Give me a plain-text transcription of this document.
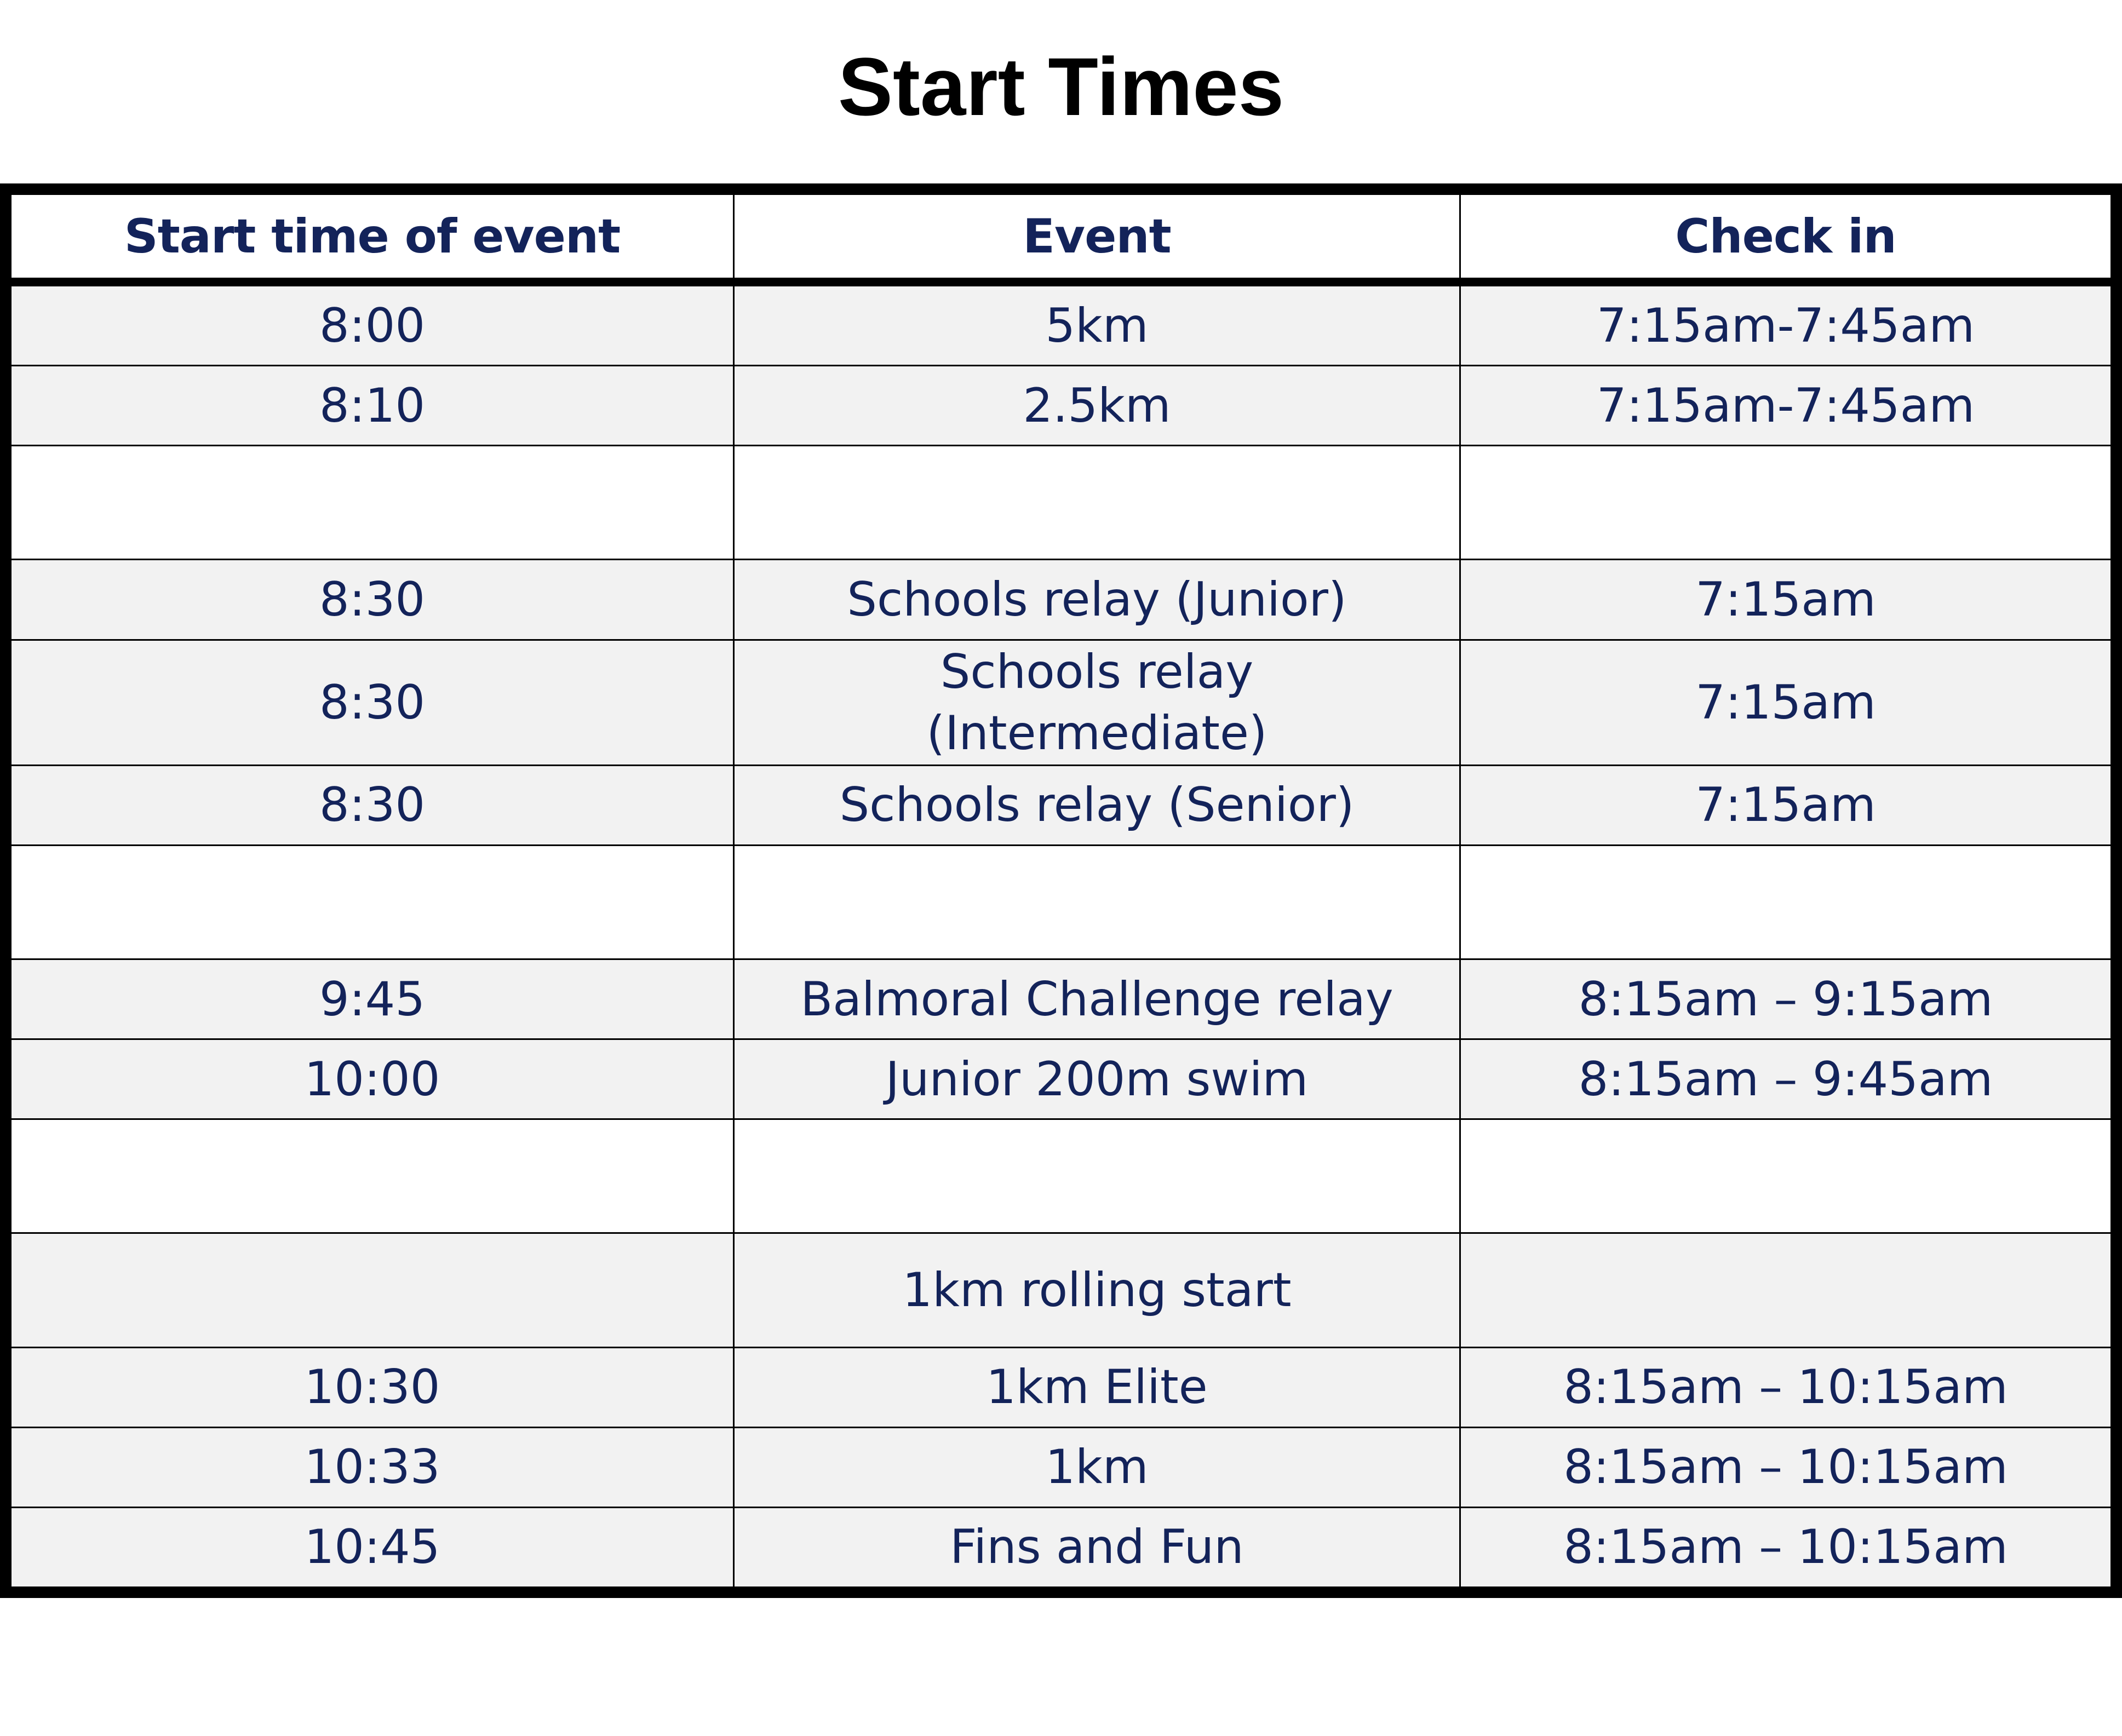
Start Times
Start time of event	Event	Check in
8:00	5km	7:15am-7:45am
8:10	2.5km	7:15am-7:45am

8:30	Schools relay (Junior)	7:15am
8:30	Schools relay (Intermediate)	7:15am
8:30	Schools relay (Senior)	7:15am

9:45	Balmoral Challenge relay	8:15am – 9:15am
10:00	Junior 200m swim	8:15am – 9:45am

	1km rolling start	
10:30	1km Elite	8:15am – 10:15am
10:33	1km	8:15am – 10:15am
10:45	Fins and Fun	8:15am – 10:15am
